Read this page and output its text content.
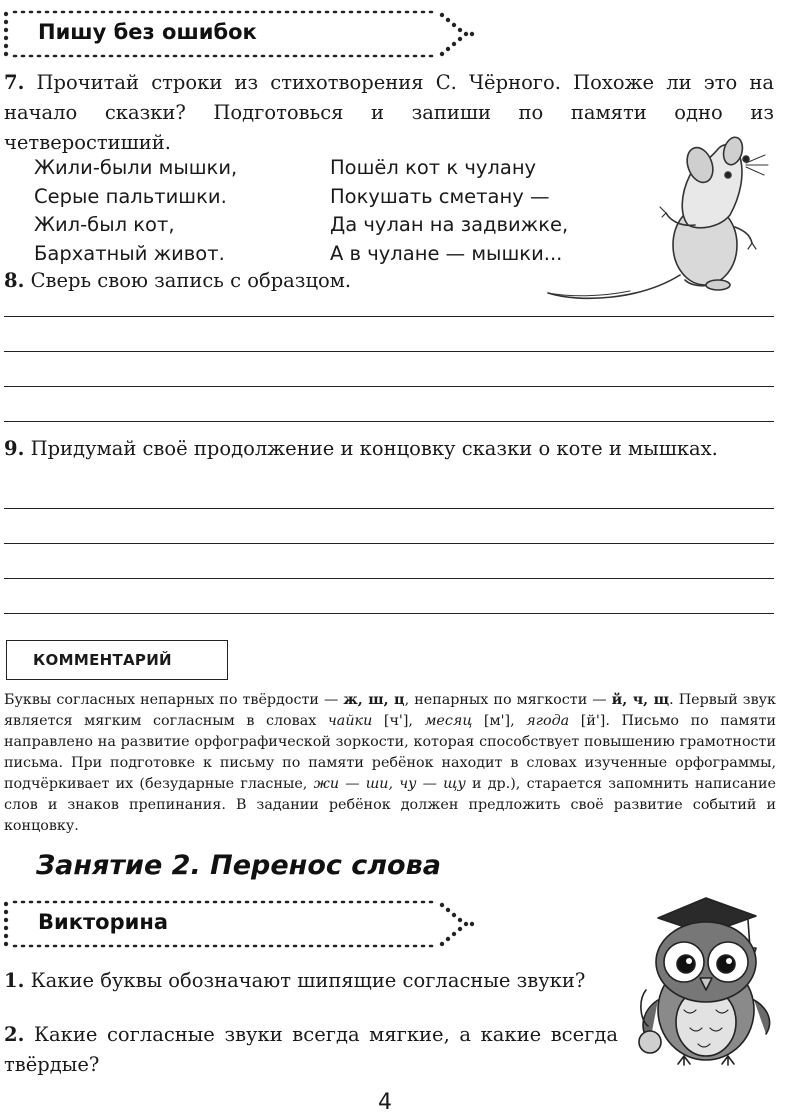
Пишу без ошибок
7. Прочитай строки из стихотворения С. Чёрного. Похоже ли это на начало сказки? Подготовься и запиши по памяти одно из четверостиший.
Жили-были мышки,
Серые пальтишки.
Жил-был кот,
Бархатный живот.
Пошёл кот к чулану
Покушать сметану —
Да чулан на задвижке,
А в чулане — мышки...
8. Сверь свою запись с образцом.
9. Придумай своё продолжение и концовку сказки о коте и мышках.
КОММЕНТАРИЙ
Буквы согласных непарных по твёрдости — ж, ш, ц, непарных по мягкости — й, ч, щ. Первый звук является мягким согласным в словах чайки [ч'], месяц [м'], ягода [й']. Письмо по памяти направлено на развитие орфографической зоркости, которая способствует повышению грамотности письма. При подготовке к письму по памяти ребёнок находит в словах изученные орфограммы, подчёркивает их (безударные гласные, жи — ши, чу — щу и др.), старается запомнить написание слов и знаков препинания. В задании ребёнок должен предложить своё развитие событий и концовку.
Занятие 2. Перенос слова
Викторина
1. Какие буквы обозначают шипящие согласные звуки?
2. Какие согласные звуки всегда мягкие, а какие всегда твёрдые?
4
